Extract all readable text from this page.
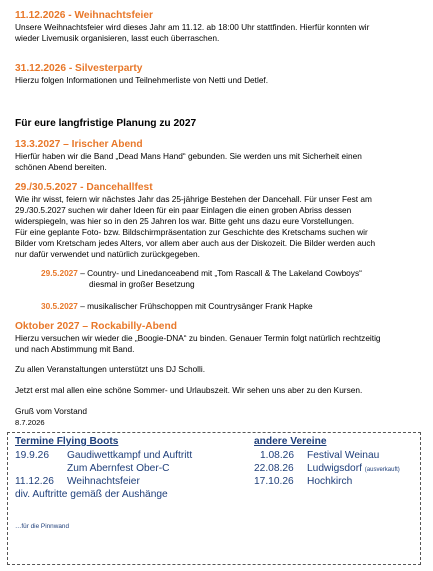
11.12.2026 - Weihnachtsfeier
Unsere Weihnachtsfeier wird dieses Jahr am 11.12. ab 18:00 Uhr stattfinden. Hierfür konnten wir
wieder Livemusik organisieren, lasst euch überraschen.
31.12.2026 - Silvesterparty
Hierzu folgen Informationen und Teilnehmerliste von Netti und Detlef.
Für eure langfristige Planung zu 2027
13.3.2027 – Irischer Abend
Hierfür haben wir die Band „Dead Mans Hand“ gebunden. Sie werden uns mit Sicherheit einen
schönen Abend bereiten.
29./30.5.2027 - Dancehallfest
Wie ihr wisst, feiern wir nächstes Jahr das 25-jährige Bestehen der Dancehall. Für unser Fest am
29./30.5.2027 suchen wir daher Ideen für ein paar Einlagen die einen groben Abriss dessen
widerspiegeln, was hier so in den 25 Jahren los war. Bitte geht uns dazu eure Vorstellungen.
Für eine geplante Foto- bzw. Bildschirmpräsentation zur Geschichte des Kretschams suchen wir
Bilder vom Kretscham jedes Alters, vor allem aber auch aus der Diskozeit. Die Bilder werden auch
nur dafür verwendet und natürlich zurückgegeben.
29.5.2027 – Country- und Linedanceabend mit „Tom Rascall & The Lakeland Cowboys“
diesmal in großer Besetzung
30.5.2027 – musikalischer Frühschoppen mit Countrysänger Frank Hapke
Oktober 2027 – Rockabilly-Abend
Hierzu versuchen wir wieder die „Boogie-DNA“ zu binden. Genauer Termin folgt natürlich rechtzeitig
und nach Abstimmung mit Band.
Zu allen Veranstaltungen unterstützt uns DJ Scholli.
Jetzt erst mal allen eine schöne Sommer- und Urlaubszeit. Wir sehen uns aber zu den Kursen.
Gruß vom Vorstand
8.7.2026
Termine Flying Boots
19.9.26 Gaudiwettkampf und Auftritt
Zum Abernfest Ober-C
11.12.26 Weihnachtsfeier
div. Auftritte gemäß der Aushänge
andere Vereine
1.08.26 Festival Weinau
22.08.26 Ludwigsdorf (ausverkauft)
17.10.26 Hochkirch
…für die Pinnwand
